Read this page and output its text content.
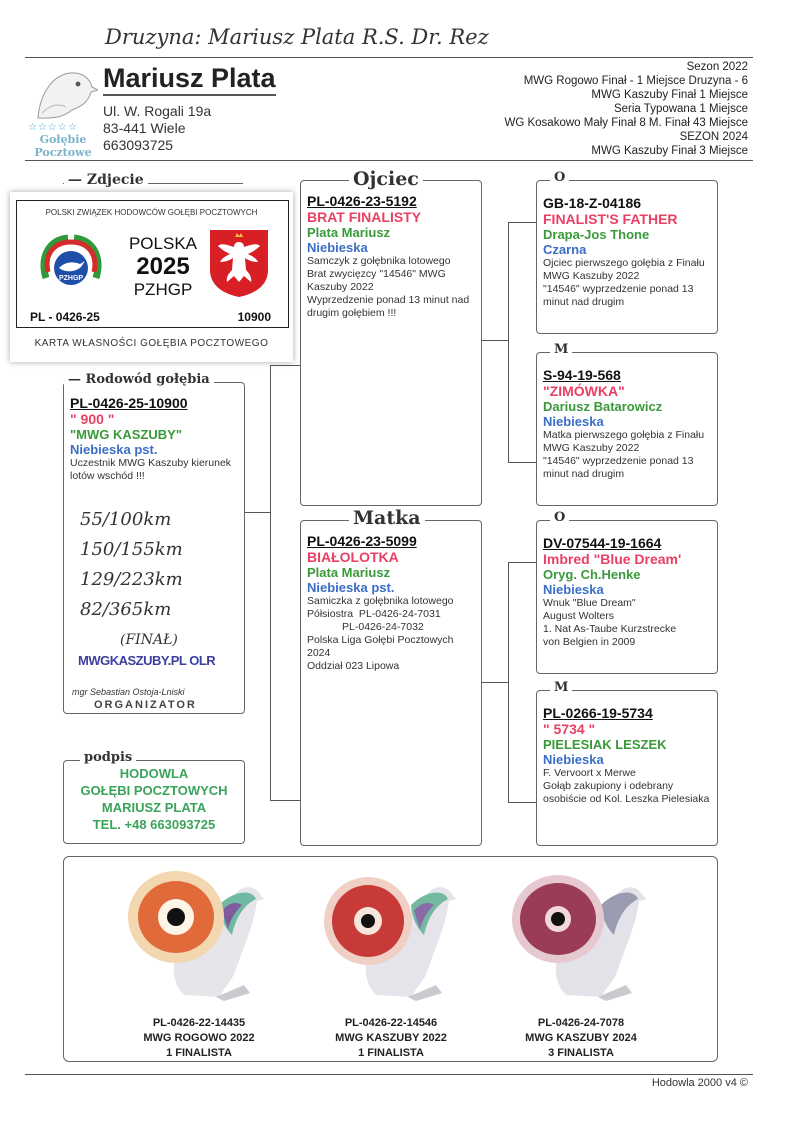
Druzyna: Mariusz Plata R.S. Dr. Rez
☆☆☆☆☆
Gołębie
Pocztowe
Mariusz Plata
Ul. W. Rogali 19a
83-441 Wiele
663093725
Sezon 2022
MWG Rogowo Finał - 1 Miejsce Druzyna - 6
MWG Kaszuby Finał 1 Miejsce
Seria Typowana 1 Miejsce
WG Kosakowo Mały Finał 8 M. Finał 43 Miejsce
SEZON 2024
MWG Kaszuby Finał 3 Miejsce
— Zdjecie
POLSKI ZWIĄZEK HODOWCÓW GOŁĘBI POCZTOWYCH
PZHGP
POLSKA
2025
PZHGP
PL - 0426-25	10900
KARTA WŁASNOŚCI GOŁĘBIA POCZTOWEGO
PL-0426-25-10900
" 900 "
"MWG KASZUBY"
Niebieska pst.
Uczestnik MWG Kaszuby kierunek lotów wschód !!!
55/100km
150/155km
129/223km
82/365km
(FINAŁ)
MWGKASZUBY.PL OLR
mgr Sebastian Ostoja-Lniski
ORGANIZATOR
— Rodowód gołębia
HODOWLA
GOŁĘBI POCZTOWYCH
MARIUSZ PLATA
TEL. +48 663093725
podpis
PL-0426-23-5192
BRAT FINALISTY
Plata Mariusz
Niebieska
Samczyk z gołębnika lotowego
Brat zwycięzcy "14546" MWG Kaszuby 2022
Wyprzedzenie ponad 13 minut nad drugim gołębiem !!!
Ojciec
PL-0426-23-5099
BIAŁOLOTKA
Plata Mariusz
Niebieska pst.
Samiczka z gołębnika lotowego
Półsiostra  PL-0426-24-7031
PL-0426-24-7032
Polska Liga Gołębi Pocztowych 2024
Oddział 023 Lipowa
Matka
GB-18-Z-04186
FINALIST'S FATHER
Drapa-Jos Thone
Czarna
Ojciec pierwszego gołębia z Finału MWG Kaszuby 2022
"14546" wyprzedzenie ponad 13 minut nad drugim
O
S-94-19-568
"ZIMÓWKA"
Dariusz Batarowicz
Niebieska
Matka pierwszego gołębia z Finału MWG Kaszuby 2022
"14546" wyprzedzenie ponad 13 minut nad drugim
M
DV-07544-19-1664
Imbred "Blue Dream'
Oryg. Ch.Henke
Niebieska
Wnuk "Blue Dream"
August Wolters
1. Nat As-Taube Kurzstrecke
von Belgien in 2009
O
PL-0266-19-5734
" 5734 "
PIELESIAK LESZEK
Niebieska
F. Vervoort x Merwe
Gołąb zakupiony i odebrany osobiście od Kol. Leszka Pielesiaka
M
PL-0426-22-14435
MWG ROGOWO 2022
1 FINALISTA
PL-0426-22-14546
MWG KASZUBY 2022
1 FINALISTA
PL-0426-24-7078
MWG KASZUBY 2024
3 FINALISTA
Hodowla 2000 v4 ©
